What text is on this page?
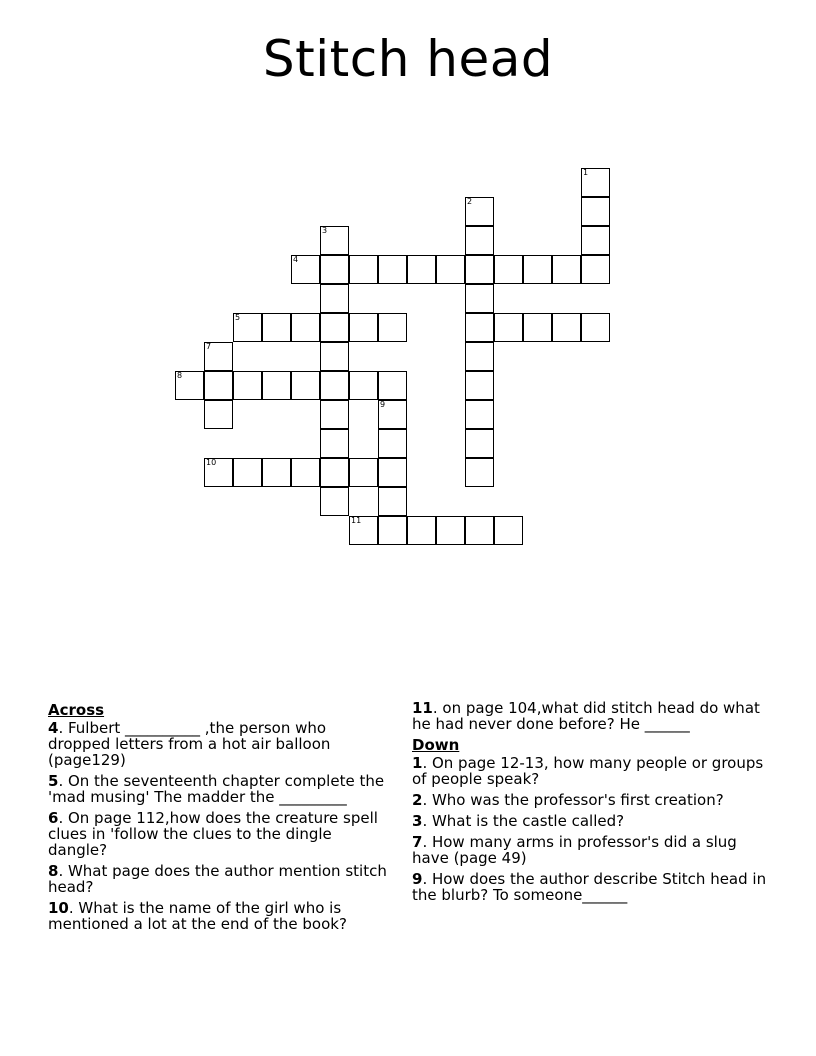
Stitch head
1
2
3
4
5
7
8
9
10
11
Across
4. Fulbert __________ ,the person who dropped letters from a hot air balloon (page129)
5. On the seventeenth chapter complete the 'mad musing' The madder the _________
6. On page 112,how does the creature spell clues in 'follow the clues to the dingle dangle?
8. What page does the author mention stitch head?
10. What is the name of the girl who is mentioned a lot at the end of the book?
11. on page 104,what did stitch head do what he had never done before? He ______
Down
1. On page 12-13, how many people or groups of people speak?
2. Who was the professor's first creation?
3. What is the castle called?
7. How many arms in professor's did a slug have (page 49)
9. How does the author describe Stitch head in the blurb? To someone______
